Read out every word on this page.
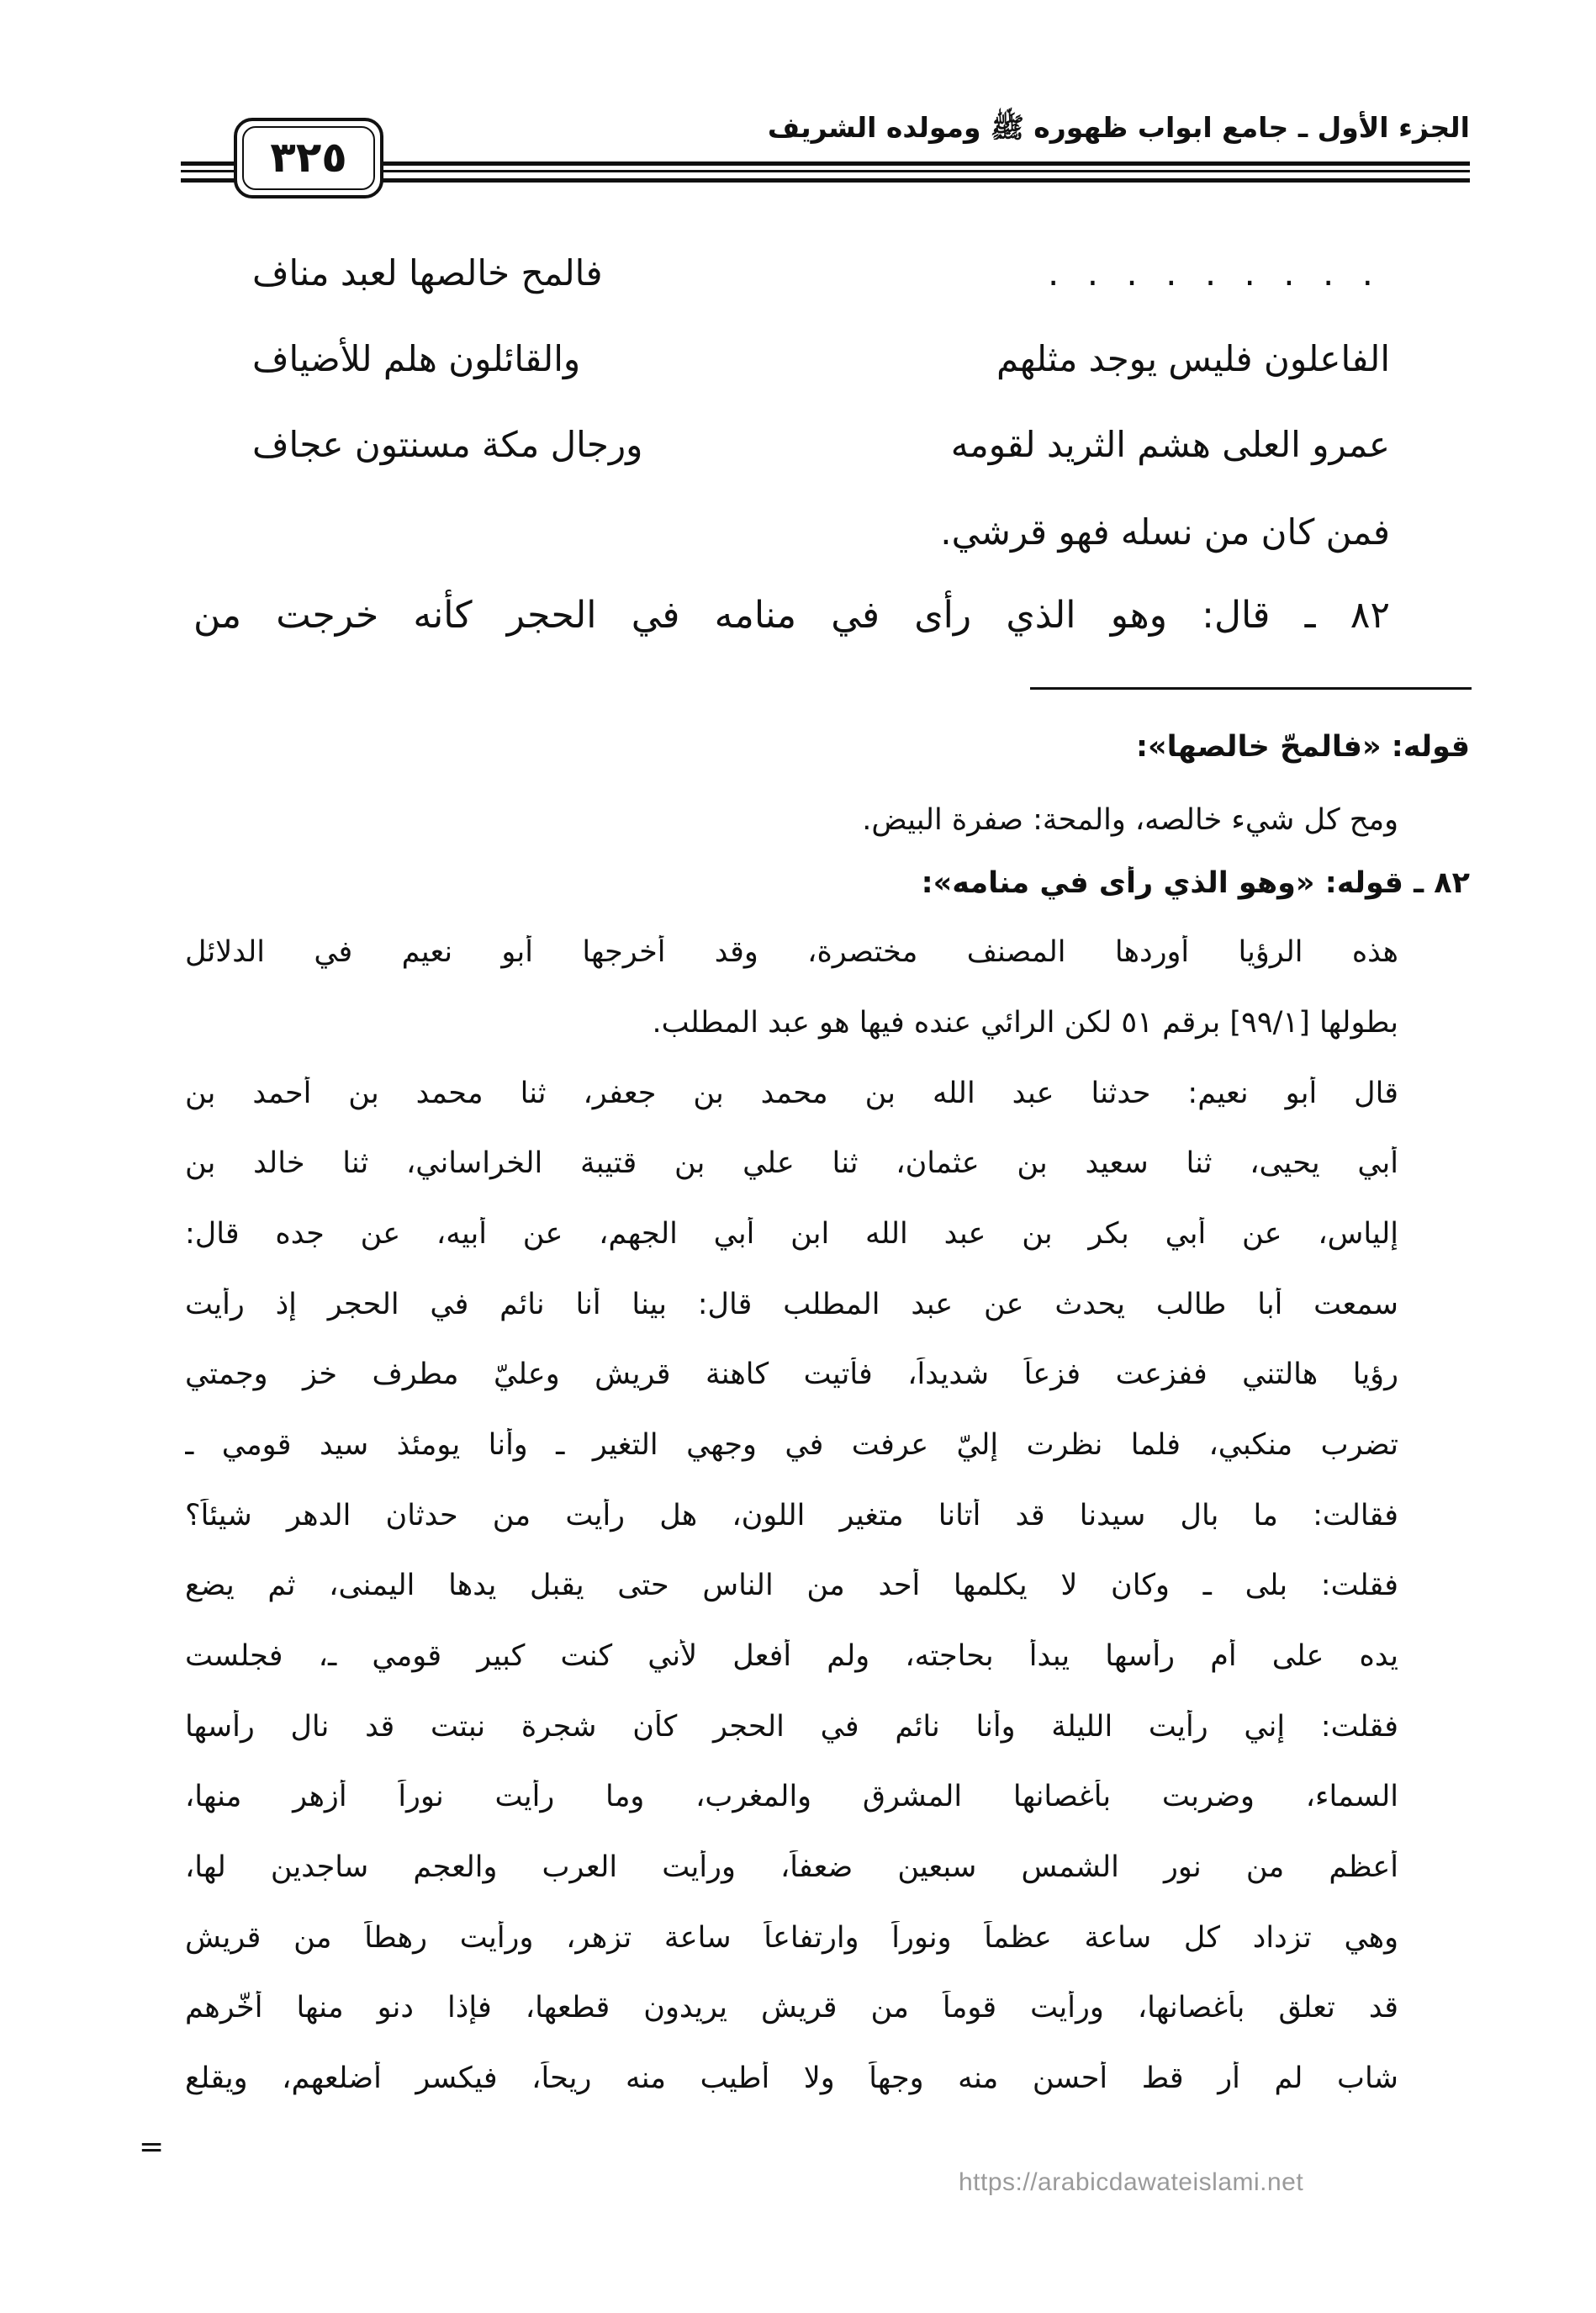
الجزء الأول ـ جامع ابواب ظهوره ﷺ ومولده الشريف
٣٢٥
. . . . . . . . .
فالمح خالصها لعبد مناف
الفاعلون فليس يوجد مثلهم
والقائلون هلم للأضياف
عمرو العلى هشم الثريد لقومه
ورجال مكة مسنتون عجاف
فمن كان من نسله فهو قرشي.
٨٢ ـ قال: وهو الذي رأى في منامه في الحجر كأنه خرجت من
قوله: «فالمحّ خالصها»:
ومح كل شيء خالصه، والمحة: صفرة البيض.
٨٢ ـ قوله: «وهو الذي رأى في منامه»:
هذه الرؤيا أوردها المصنف مختصرة، وقد أخرجها أبو نعيم في الدلائل
بطولها [٩٩/١] برقم ٥١ لكن الرائي عنده فيها هو عبد المطلب.
قال أبو نعيم: حدثنا عبد الله بن محمد بن جعفر، ثنا محمد بن أحمد بن
أبي يحيى، ثنا سعيد بن عثمان، ثنا علي بن قتيبة الخراساني، ثنا خالد بن
إلياس، عن أبي بكر بن عبد الله ابن أبي الجهم، عن أبيه، عن جده قال:
سمعت أبا طالب يحدث عن عبد المطلب قال: بينا أنا نائم في الحجر إذ رأيت
رؤيا هالتني ففزعت فزعاً شديداً، فأتيت كاهنة قريش وعليّ مطرف خز وجمتي
تضرب منكبي، فلما نظرت إليّ عرفت في وجهي التغير ـ وأنا يومئذ سيد قومي ـ
فقالت: ما بال سيدنا قد أتانا متغير اللون، هل رأيت من حدثان الدهر شيئاً؟
فقلت: بلى ـ وكان لا يكلمها أحد من الناس حتى يقبل يدها اليمنى، ثم يضع
يده على أم رأسها يبدأ بحاجته، ولم أفعل لأني كنت كبير قومي ـ، فجلست
فقلت: إني رأيت الليلة وأنا نائم في الحجر كأن شجرة نبتت قد نال رأسها
السماء، وضربت بأغصانها المشرق والمغرب، وما رأيت نوراً أزهر منها،
أعظم من نور الشمس سبعين ضعفاً، ورأيت العرب والعجم ساجدين لها،
وهي تزداد كل ساعة عظماً ونوراً وارتفاعاً ساعة تزهر، ورأيت رهطاً من قريش
قد تعلق بأغصانها، ورأيت قوماً من قريش يريدون قطعها، فإذا دنو منها أخّرهم
شاب لم أر قط أحسن منه وجهاً ولا أطيب منه ريحاً، فيكسر أضلعهم، ويقلع
=
https://arabicdawateislami.net
